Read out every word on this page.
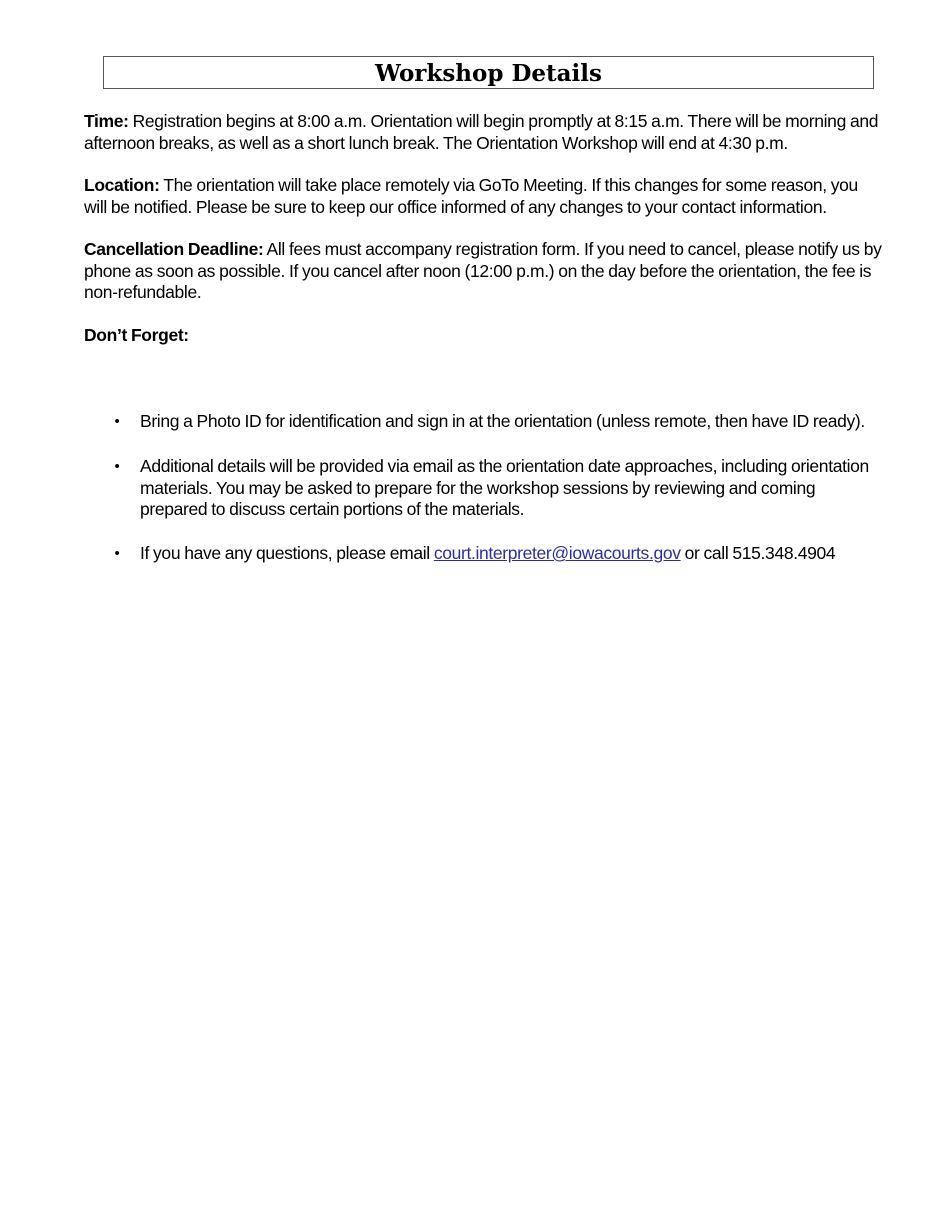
Workshop Details
Time: Registration begins at 8:00 a.m. Orientation will begin promptly at 8:15 a.m. There will be morning and afternoon breaks, as well as a short lunch break. The Orientation Workshop will end at 4:30 p.m.
Location: The orientation will take place remotely via GoTo Meeting. If this changes for some reason, you will be notified. Please be sure to keep our office informed of any changes to your contact information.
Cancellation Deadline: All fees must accompany registration form. If you need to cancel, please notify us by phone as soon as possible. If you cancel after noon (12:00 p.m.) on the day before the orientation, the fee is non-refundable.
Don’t Forget:
• Bring a Photo ID for identification and sign in at the orientation (unless remote, then have ID ready).
• Additional details will be provided via email as the orientation date approaches, including orientation materials. You may be asked to prepare for the workshop sessions by reviewing and coming prepared to discuss certain portions of the materials.
• If you have any questions, please email court.interpreter@iowacourts.gov or call 515.348.4904
